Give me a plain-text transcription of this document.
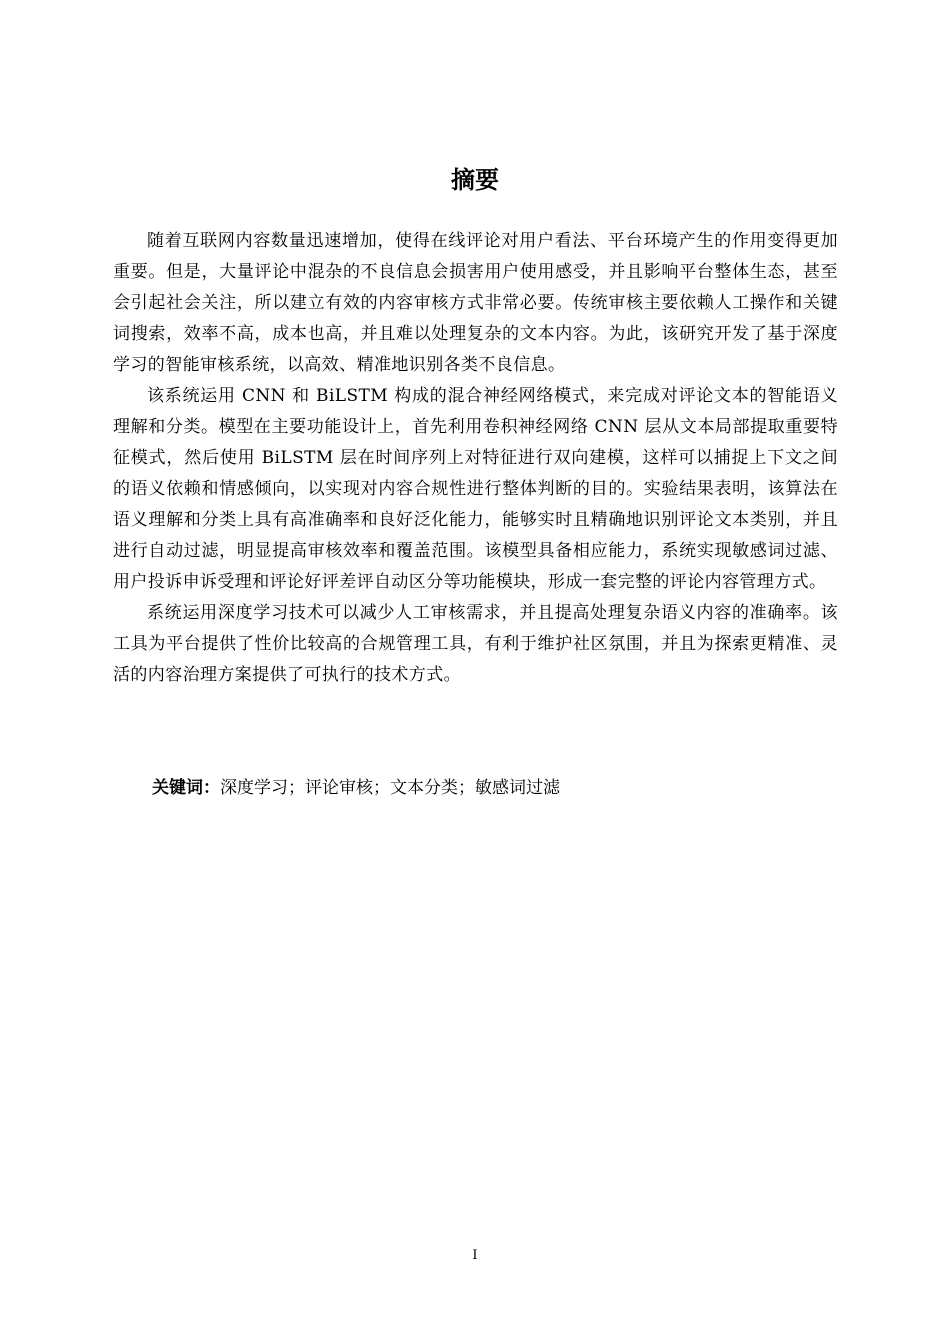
摘要

随着互联网内容数量迅速增加，使得在线评论对用户看法、平台环境产生的作用变得更加重要。但是，大量评论中混杂的不良信息会损害用户使用感受，并且影响平台整体生态，甚至会引起社会关注，所以建立有效的内容审核方式非常必要。传统审核主要依赖人工操作和关键词搜索，效率不高，成本也高，并且难以处理复杂的文本内容。为此，该研究开发了基于深度学习的智能审核系统，以高效、精准地识别各类不良信息。

该系统运用 CNN 和 BiLSTM 构成的混合神经网络模式，来完成对评论文本的智能语义理解和分类。模型在主要功能设计上，首先利用卷积神经网络 CNN 层从文本局部提取重要特征模式，然后使用 BiLSTM 层在时间序列上对特征进行双向建模，这样可以捕捉上下文之间的语义依赖和情感倾向，以实现对内容合规性进行整体判断的目的。实验结果表明，该算法在语义理解和分类上具有高准确率和良好泛化能力，能够实时且精确地识别评论文本类别，并且进行自动过滤，明显提高审核效率和覆盖范围。该模型具备相应能力，系统实现敏感词过滤、用户投诉申诉受理和评论好评差评自动区分等功能模块，形成一套完整的评论内容管理方式。

系统运用深度学习技术可以减少人工审核需求，并且提高处理复杂语义内容的准确率。该工具为平台提供了性价比较高的合规管理工具，有利于维护社区氛围，并且为探索更精准、灵活的内容治理方案提供了可执行的技术方式。

关键词：深度学习；评论审核；文本分类；敏感词过滤
I
